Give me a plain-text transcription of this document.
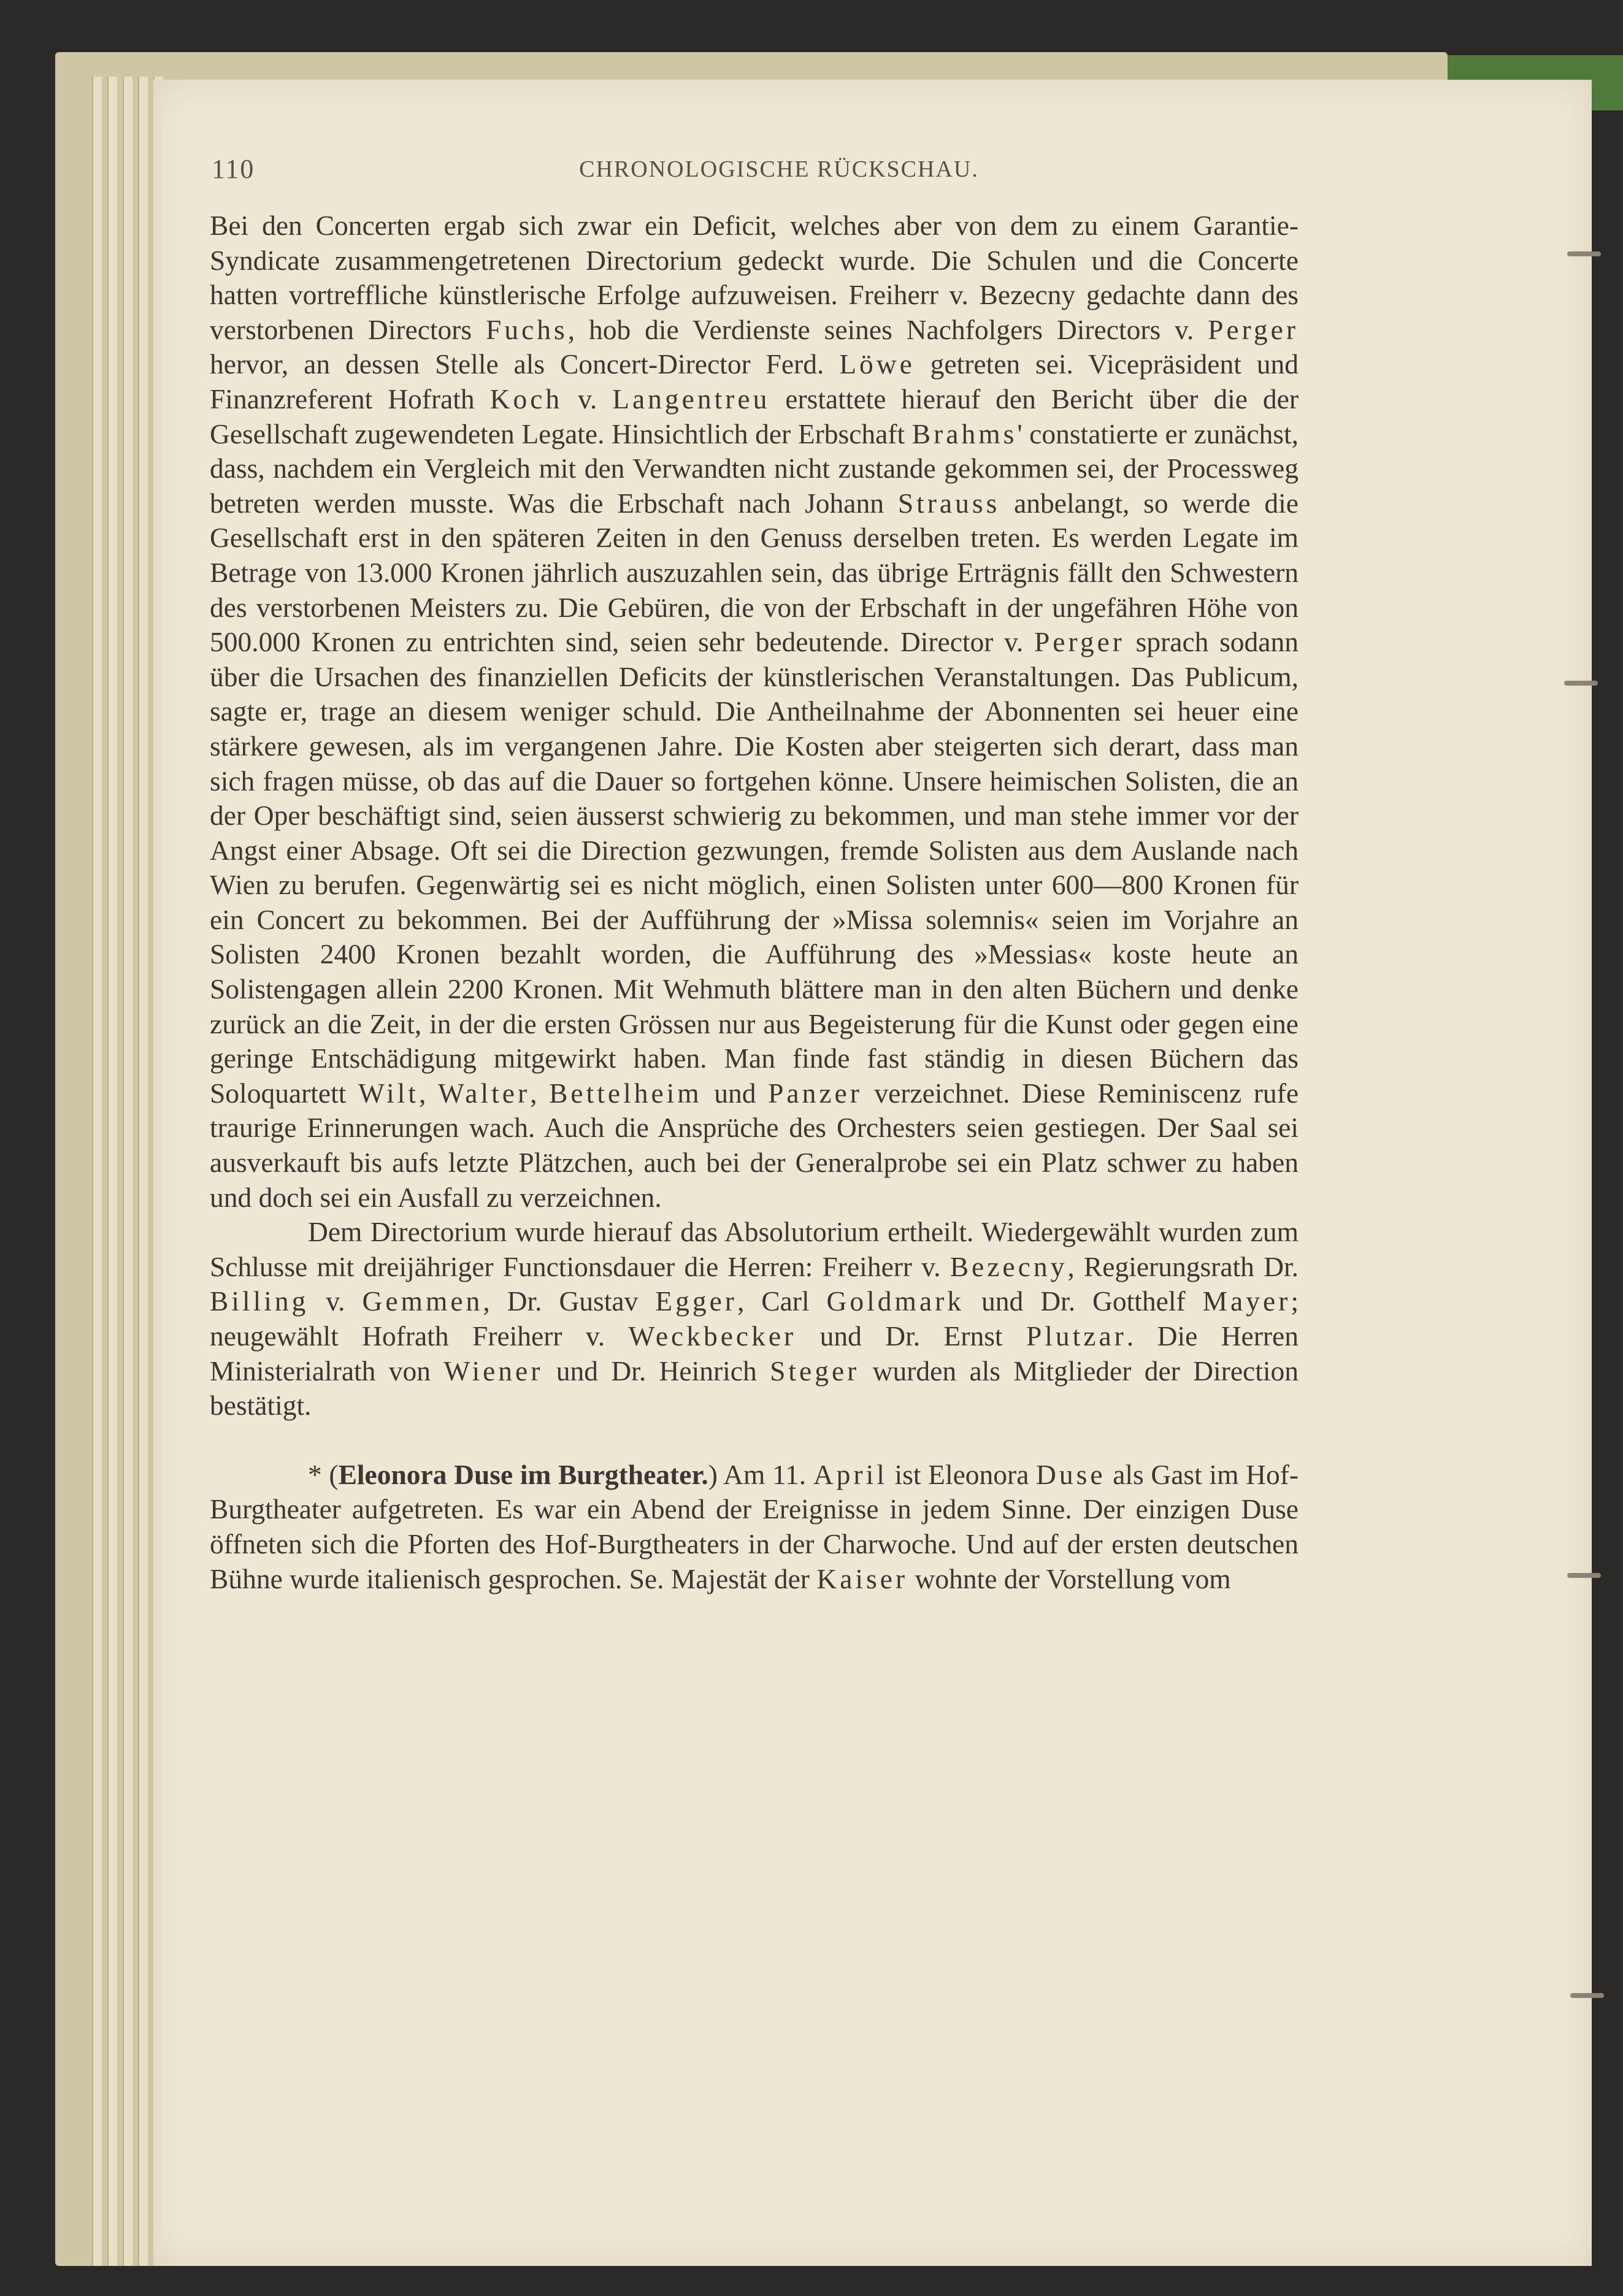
110	CHRONOLOGISCHE RÜCKSCHAU.

Bei den Concerten ergab sich zwar ein Deficit, welches aber von dem zu einem Garantie-Syndicate zusammengetretenen Directorium gedeckt wurde. Die Schulen und die Concerte hatten vortreffliche künstlerische Erfolge aufzuweisen. Freiherr v. Bezecny gedachte dann des verstorbenen Directors Fuchs, hob die Verdienste seines Nachfolgers Directors v. Perger hervor, an dessen Stelle als Concert-Director Ferd. Löwe getreten sei. Vicepräsident und Finanzreferent Hofrath Koch v. Langentreu erstattete hierauf den Bericht über die der Gesellschaft zugewendeten Legate. Hinsichtlich der Erbschaft Brahms' constatierte er zunächst, dass, nachdem ein Vergleich mit den Verwandten nicht zustande gekommen sei, der Processweg betreten werden musste. Was die Erbschaft nach Johann Strauss anbelangt, so werde die Gesellschaft erst in den späteren Zeiten in den Genuss derselben treten. Es werden Legate im Betrage von 13.000 Kronen jährlich auszuzahlen sein, das übrige Erträgnis fällt den Schwestern des verstorbenen Meisters zu. Die Gebüren, die von der Erbschaft in der ungefähren Höhe von 500.000 Kronen zu entrichten sind, seien sehr bedeutende. Director v. Perger sprach sodann über die Ursachen des finanziellen Deficits der künstlerischen Veranstaltungen. Das Publicum, sagte er, trage an diesem weniger schuld. Die Antheilnahme der Abonnenten sei heuer eine stärkere gewesen, als im vergangenen Jahre. Die Kosten aber steigerten sich derart, dass man sich fragen müsse, ob das auf die Dauer so fortgehen könne. Unsere heimischen Solisten, die an der Oper beschäftigt sind, seien äusserst schwierig zu bekommen, und man stehe immer vor der Angst einer Absage. Oft sei die Direction gezwungen, fremde Solisten aus dem Auslande nach Wien zu berufen. Gegenwärtig sei es nicht möglich, einen Solisten unter 600—800 Kronen für ein Concert zu bekommen. Bei der Aufführung der »Missa solemnis« seien im Vorjahre an Solisten 2400 Kronen bezahlt worden, die Aufführung des »Messias« koste heute an Solistengagen allein 2200 Kronen. Mit Wehmuth blättere man in den alten Büchern und denke zurück an die Zeit, in der die ersten Grössen nur aus Begeisterung für die Kunst oder gegen eine geringe Entschädigung mitgewirkt haben. Man finde fast ständig in diesen Büchern das Soloquartett Wilt, Walter, Bettelheim und Panzer verzeichnet. Diese Reminiscenz rufe traurige Erinnerungen wach. Auch die Ansprüche des Orchesters seien gestiegen. Der Saal sei ausverkauft bis aufs letzte Plätzchen, auch bei der Generalprobe sei ein Platz schwer zu haben und doch sei ein Ausfall zu verzeichnen.

Dem Directorium wurde hierauf das Absolutorium ertheilt. Wiedergewählt wurden zum Schlusse mit dreijähriger Functionsdauer die Herren: Freiherr v. Bezecny, Regierungsrath Dr. Billing v. Gemmen, Dr. Gustav Egger, Carl Goldmark und Dr. Gotthelf Mayer; neugewählt Hofrath Freiherr v. Weckbecker und Dr. Ernst Plutzar. Die Herren Ministerialrath von Wiener und Dr. Heinrich Steger wurden als Mitglieder der Direction bestätigt.

* (Eleonora Duse im Burgtheater.) Am 11. April ist Eleonora Duse als Gast im Hof-Burgtheater aufgetreten. Es war ein Abend der Ereignisse in jedem Sinne. Der einzigen Duse öffneten sich die Pforten des Hof-Burgtheaters in der Charwoche. Und auf der ersten deutschen Bühne wurde italienisch gesprochen. Se. Majestät der Kaiser wohnte der Vorstellung vom
